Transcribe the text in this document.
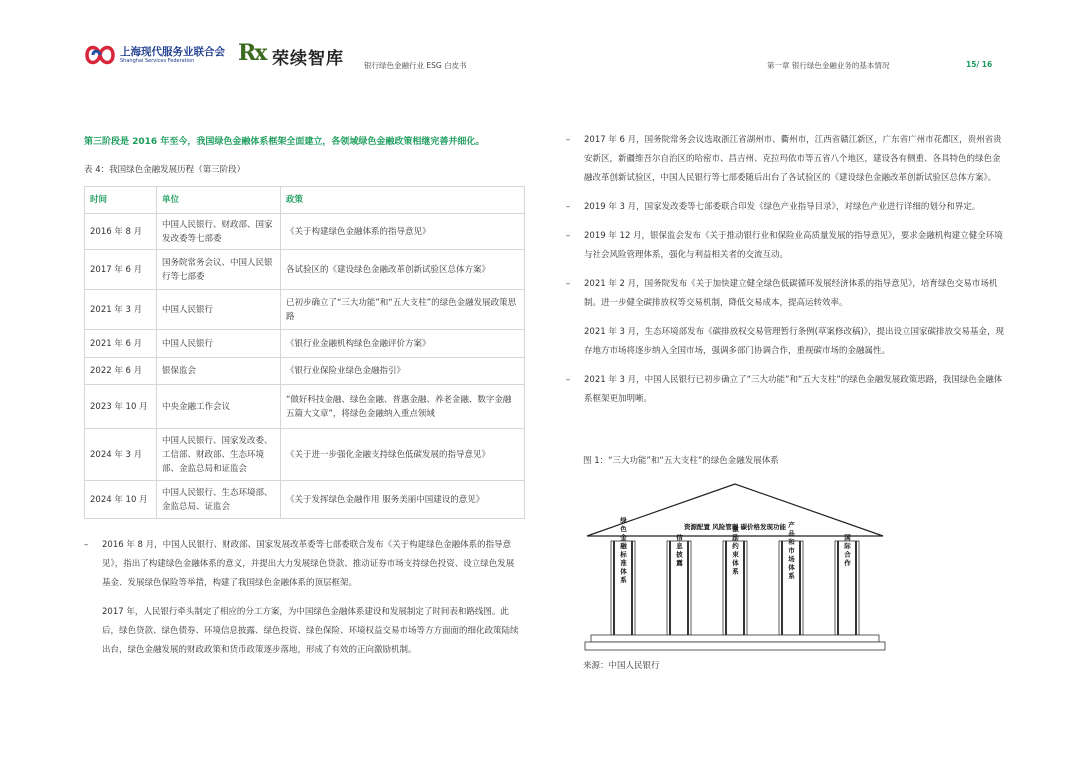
上海现代服务业联合会
Shanghai Services Federation Rx 荣续智库	银行绿色金融行业 ESG 白皮书	第一章 银行绿色金融业务的基本情况	15/ 16
第三阶段是 2016 年至今，我国绿色金融体系框架全面建立，各领域绿色金融政策相继完善并细化。
表 4：我国绿色金融发展历程（第三阶段）
时间	单位	政策
2016 年 8 月	中国人民银行、财政部、国家发改委等七部委	《关于构建绿色金融体系的指导意见》
2017 年 6 月	国务院常务会议、中国人民银行等七部委	各试验区的《建设绿色金融改革创新试验区总体方案》
2021 年 3 月	中国人民银行	已初步确立了“三大功能”和“五大支柱”的绿色金融发展政策思路
2021 年 6 月	中国人民银行	《银行业金融机构绿色金融评价方案》
2022 年 6 月	银保监会	《银行业保险业绿色金融指引》
2023 年 10 月	中央金融工作会议	“做好科技金融、绿色金融、普惠金融、养老金融、数字金融五篇大文章”，将绿色金融纳入重点领域
2024 年 3 月	中国人民银行、国家发改委、工信部、财政部、生态环境部、金监总局和证监会	《关于进一步强化金融支持绿色低碳发展的指导意见》
2024 年 10 月	中国人民银行、生态环境部、金监总局、证监会	《关于发挥绿色金融作用 服务美丽中国建设的意见》
– 2016 年 8 月，中国人民银行、财政部、国家发展改革委等七部委联合发布《关于构建绿色金融体系的指导意见》，指出了构建绿色金融体系的意义，并提出大力发展绿色贷款、推动证券市场支持绿色投资、设立绿色发展基金、发展绿色保险等举措，构建了我国绿色金融体系的顶层框架。
2017 年，人民银行牵头制定了相应的分工方案，为中国绿色金融体系建设和发展制定了时间表和路线图。此后，绿色贷款、绿色债券、环境信息披露、绿色投资、绿色保险、环境权益交易市场等方方面面的细化政策陆续出台，绿色金融发展的财政政策和货币政策逐步落地，形成了有效的正向激励机制。
– 2017 年 6 月，国务院常务会议选取浙江省湖州市、衢州市，江西省赣江新区，广东省广州市花都区，贵州省贵安新区，新疆维吾尔自治区的哈密市、昌吉州、克拉玛依市等五省八个地区，建设各有侧重、各具特色的绿色金融改革创新试验区，中国人民银行等七部委随后出台了各试验区的《建设绿色金融改革创新试验区总体方案》。
– 2019 年 3 月，国家发改委等七部委联合印发《绿色产业指导目录》，对绿色产业进行详细的划分和界定。
– 2019 年 12 月，银保监会发布《关于推动银行业和保险业高质量发展的指导意见》，要求金融机构建立健全环境与社会风险管理体系，强化与利益相关者的交流互动。
– 2021 年 2 月，国务院发布《关于加快建立健全绿色低碳循环发展经济体系的指导意见》，培育绿色交易市场机制。进一步健全碳排放权等交易机制，降低交易成本，提高运转效率。
2021 年 3 月，生态环境部发布《碳排放权交易管理暂行条例(草案修改稿)》，提出设立国家碳排放交易基金，现存地方市场将逐步纳入全国市场，强调多部门协调合作，重视碳市场的金融属性。
– 2021 年 3 月，中国人民银行已初步确立了“三大功能”和“五大支柱”的绿色金融发展政策思路，我国绿色金融体系框架更加明晰。
图 1：“三大功能”和“五大支柱”的绿色金融发展体系
资源配置 风险管理 碳价格发现功能
绿色金融标准体系	信息披露	激励约束体系	产品和市场体系	国际合作
来源：中国人民银行
